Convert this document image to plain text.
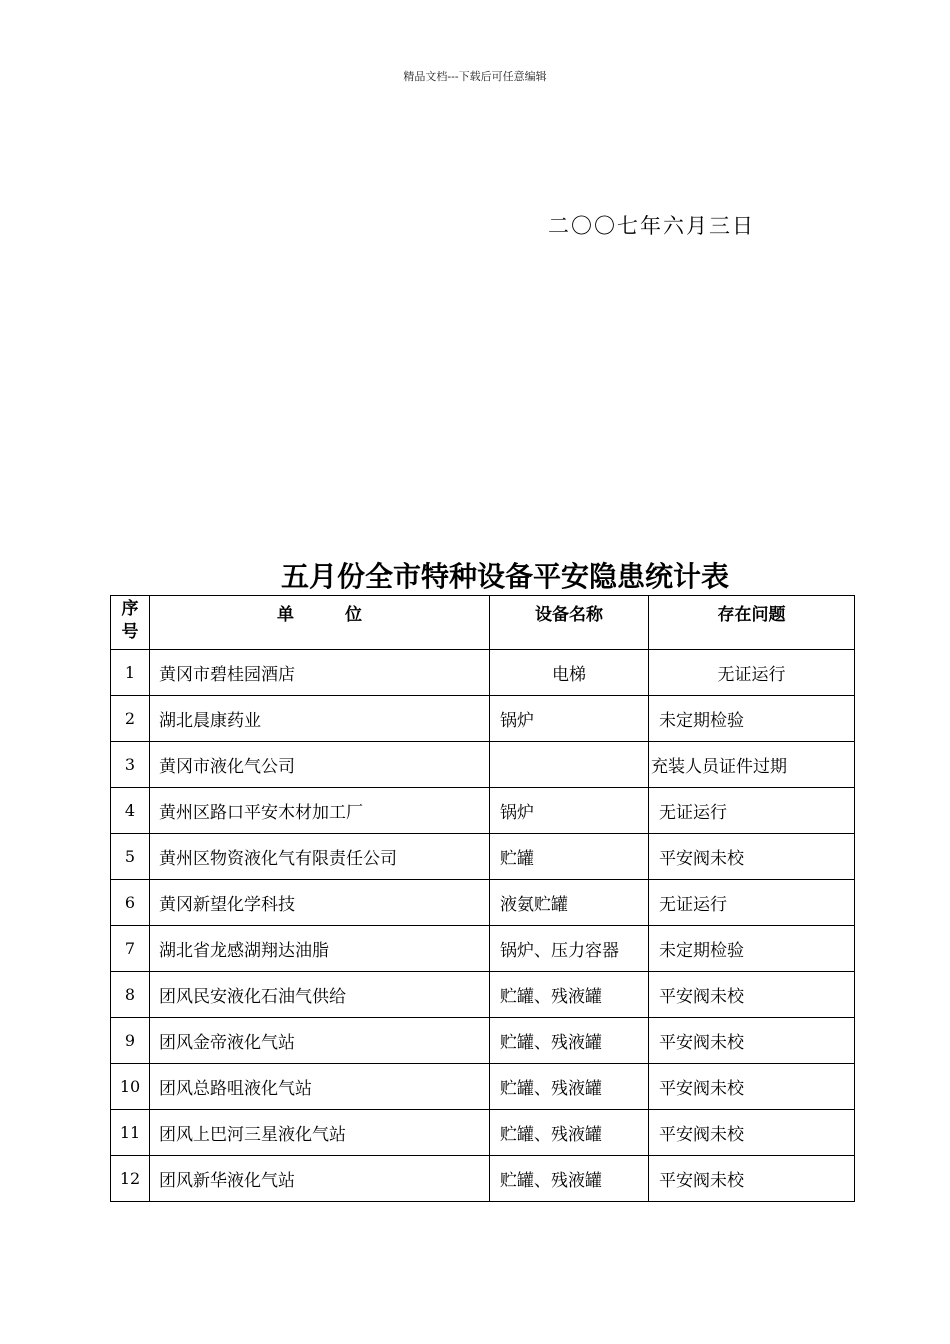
精品文档---下载后可任意编辑
二〇〇七年六月三日
五月份全市特种设备平安隐患统计表
序
号	单　　　位	设备名称	存在问题
1	黄冈市碧桂园酒店	电梯	无证运行
2	湖北晨康药业	锅炉	未定期检验
3	黄冈市液化气公司		充装人员证件过期
4	黄州区路口平安木材加工厂	锅炉	无证运行
5	黄州区物资液化气有限责任公司	贮罐	平安阀未校
6	黄冈新望化学科技	液氨贮罐	无证运行
7	湖北省龙感湖翔达油脂	锅炉、压力容器	未定期检验
8	团风民安液化石油气供给	贮罐、残液罐	平安阀未校
9	团风金帝液化气站	贮罐、残液罐	平安阀未校
10	团风总路咀液化气站	贮罐、残液罐	平安阀未校
11	团风上巴河三星液化气站	贮罐、残液罐	平安阀未校
12	团风新华液化气站	贮罐、残液罐	平安阀未校
